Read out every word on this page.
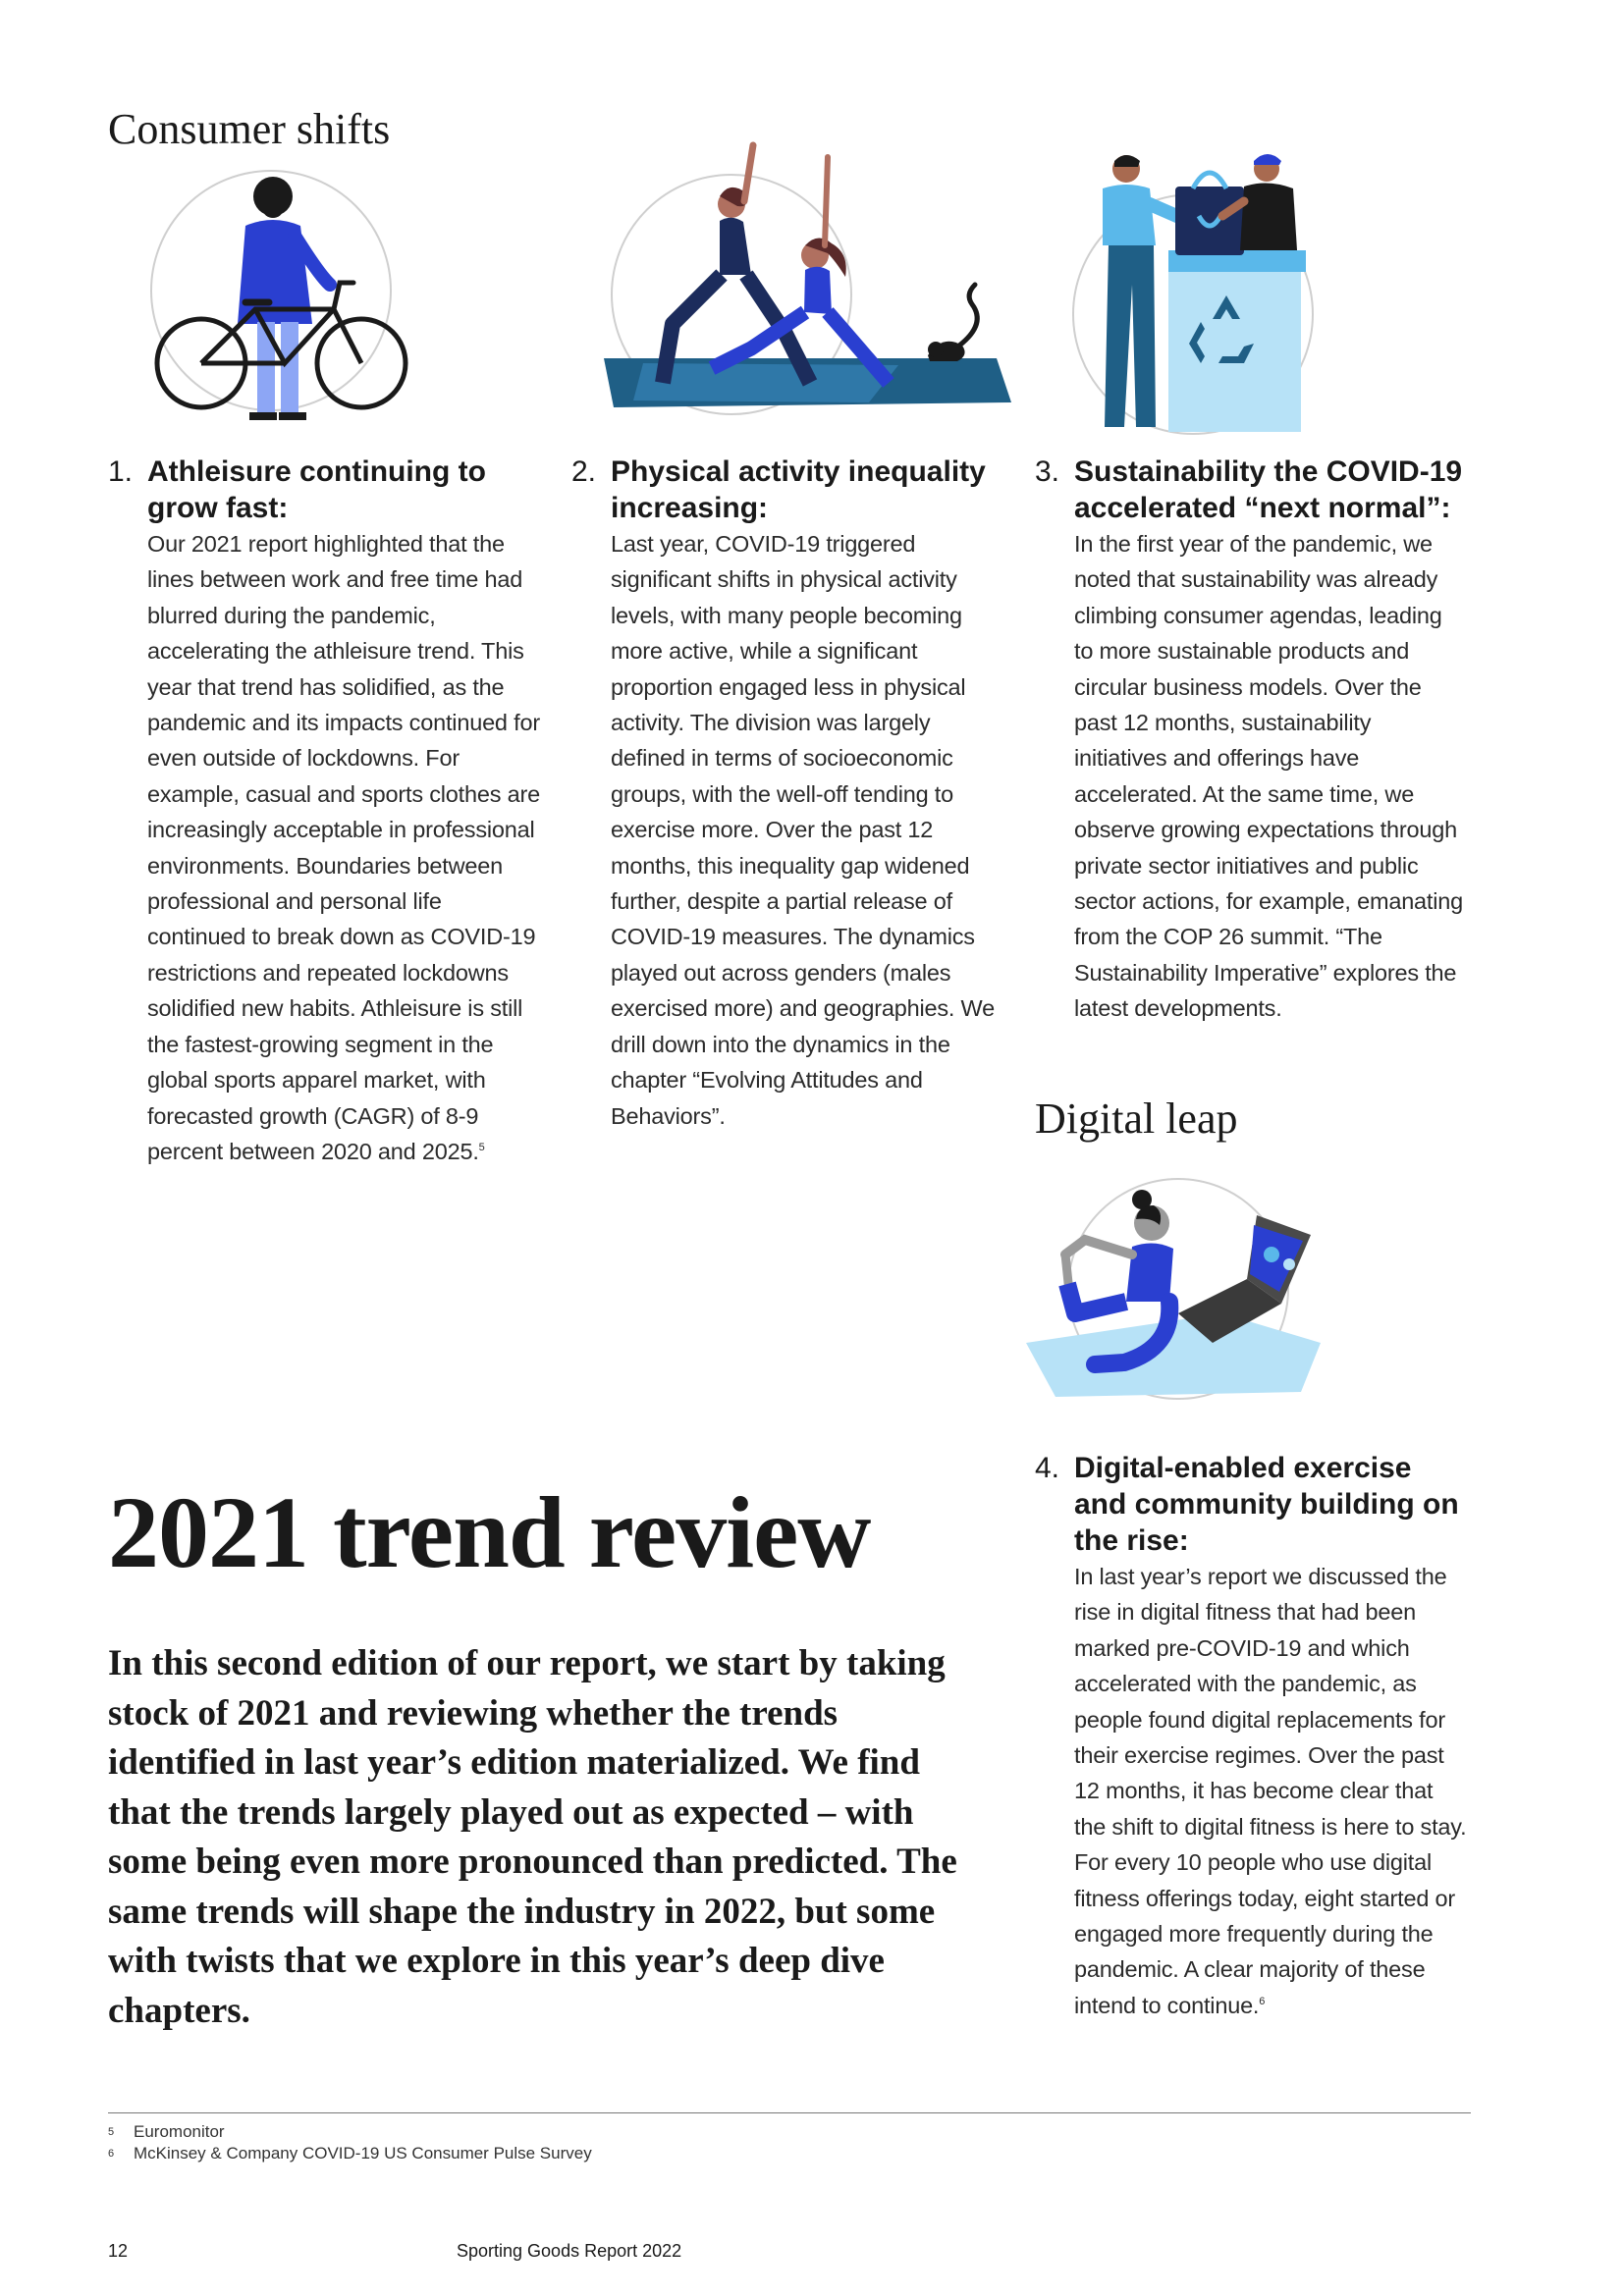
Consumer shifts
1. Athleisure continuing to grow fast:
Our 2021 report highlighted that the lines between work and free time had blurred during the pandemic, accelerating the athleisure trend. This year that trend has solidified, as the pandemic and its impacts continued for even outside of lockdowns. For example, casual and sports clothes are increasingly acceptable in professional environments. Boundaries between professional and personal life continued to break down as COVID-19 restrictions and repeated lockdowns solidified new habits. Athleisure is still the fastest-growing segment in the global sports apparel market, with forecasted growth (CAGR) of 8-9 percent between 2020 and 2025.$^5$
2. Physical activity inequality increasing:
Last year, COVID-19 triggered significant shifts in physical activity levels, with many people becoming more active, while a significant proportion engaged less in physical activity. The division was largely defined in terms of socioeconomic groups, with the well-off tending to exercise more. Over the past 12 months, this inequality gap widened further, despite a partial release of COVID-19 measures. The dynamics played out across genders (males exercised more) and geographies. We drill down into the dynamics in the chapter “Evolving Attitudes and Behaviors”.
3. Sustainability the COVID-19 accelerated “next normal”:
In the first year of the pandemic, we noted that sustainability was already climbing consumer agendas, leading to more sustainable products and circular business models. Over the past 12 months, sustainability initiatives and offerings have accelerated. At the same time, we observe growing expectations through private sector initiatives and public sector actions, for example, emanating from the COP 26 summit. “The Sustainability Imperative” explores the latest developments.
Digital leap
4. Digital-enabled exercise and community building on the rise:
In last year’s report we discussed the rise in digital fitness that had been marked pre-COVID-19 and which accelerated with the pandemic, as people found digital replacements for their exercise regimes. Over the past 12 months, it has become clear that the shift to digital fitness is here to stay. For every 10 people who use digital fitness offerings today, eight started or engaged more frequently during the pandemic. A clear majority of these intend to continue.$^6$
2021 trend review

In this second edition of our report, we start by taking stock of 2021 and reviewing whether the trends identified in last year’s edition materialized. We find that the trends largely played out as expected – with some being even more pronounced than predicted. The same trends will shape the industry in 2022, but some with twists that we explore in this year’s deep dive chapters.

5	Euromonitor
6	McKinsey & Company COVID-19 US Consumer Pulse Survey
12	Sporting Goods Report 2022
